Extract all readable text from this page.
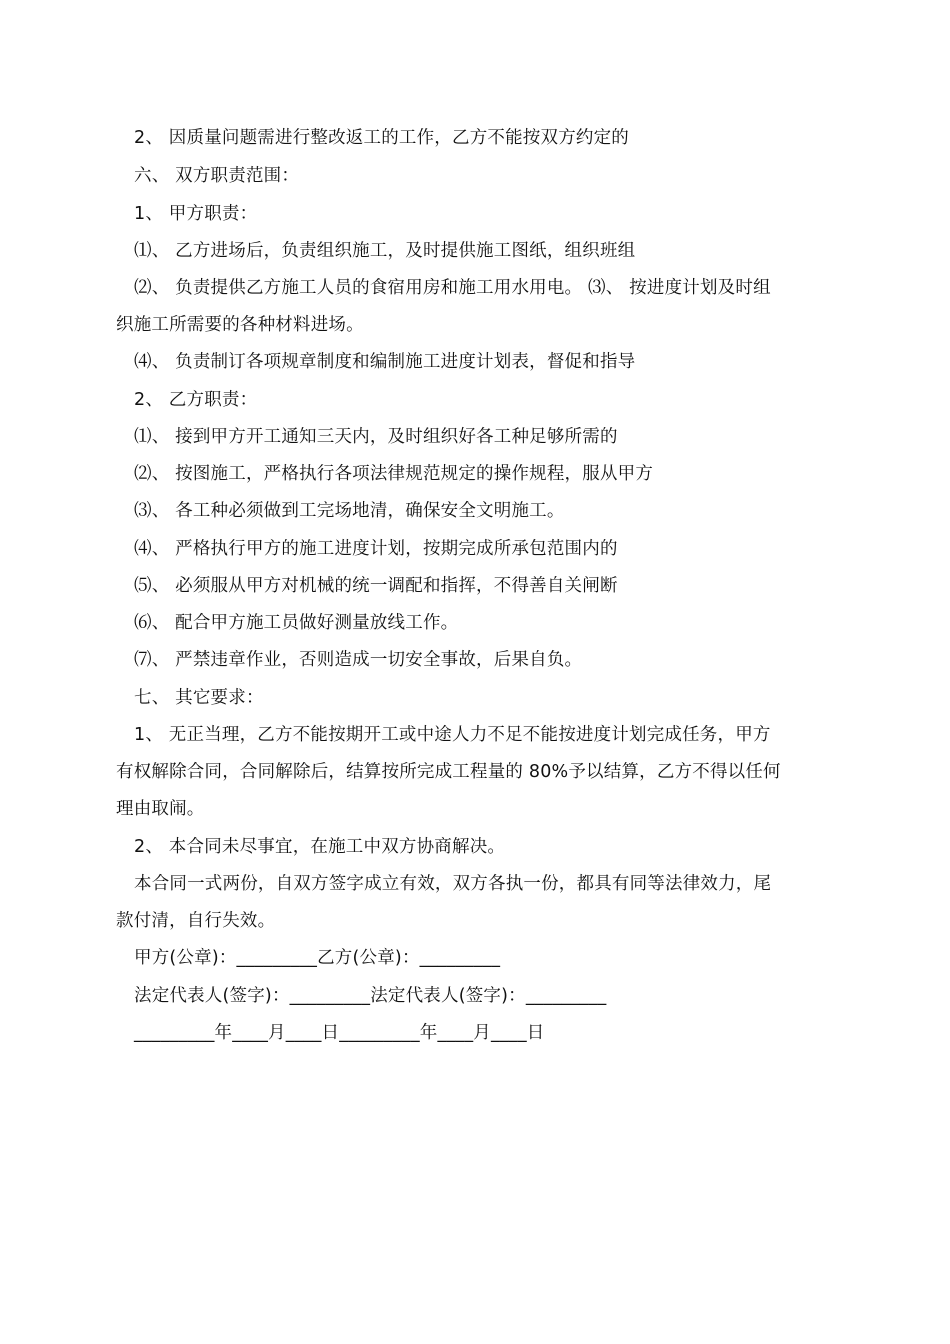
2、 因质量问题需进行整改返工的工作，乙方不能按双方约定的
六、 双方职责范围：
1、 甲方职责：
⑴、 乙方进场后，负责组织施工，及时提供施工图纸，组织班组
⑵、 负责提供乙方施工人员的食宿用房和施工用水用电。 ⑶、 按进度计划及时组
织施工所需要的各种材料进场。
⑷、 负责制订各项规章制度和编制施工进度计划表，督促和指导
2、 乙方职责：
⑴、 接到甲方开工通知三天内，及时组织好各工种足够所需的
⑵、 按图施工，严格执行各项法律规范规定的操作规程，服从甲方
⑶、 各工种必须做到工完场地清，确保安全文明施工。
⑷、 严格执行甲方的施工进度计划，按期完成所承包范围内的
⑸、 必须服从甲方对机械的统一调配和指挥，不得善自关闸断
⑹、 配合甲方施工员做好测量放线工作。
⑺、 严禁违章作业，否则造成一切安全事故，后果自负。
七、 其它要求：
1、 无正当理，乙方不能按期开工或中途人力不足不能按进度计划完成任务，甲方
有权解除合同，合同解除后，结算按所完成工程量的 80%予以结算，乙方不得以任何
理由取闹。
2、 本合同未尽事宜，在施工中双方协商解决。
本合同一式两份，自双方签字成立有效，双方各执一份，都具有同等法律效力，尾
款付清，自行失效。
甲方(公章)：_________乙方(公章)：_________
法定代表人(签字)：_________法定代表人(签字)：_________
_________年____月____日_________年____月____日
